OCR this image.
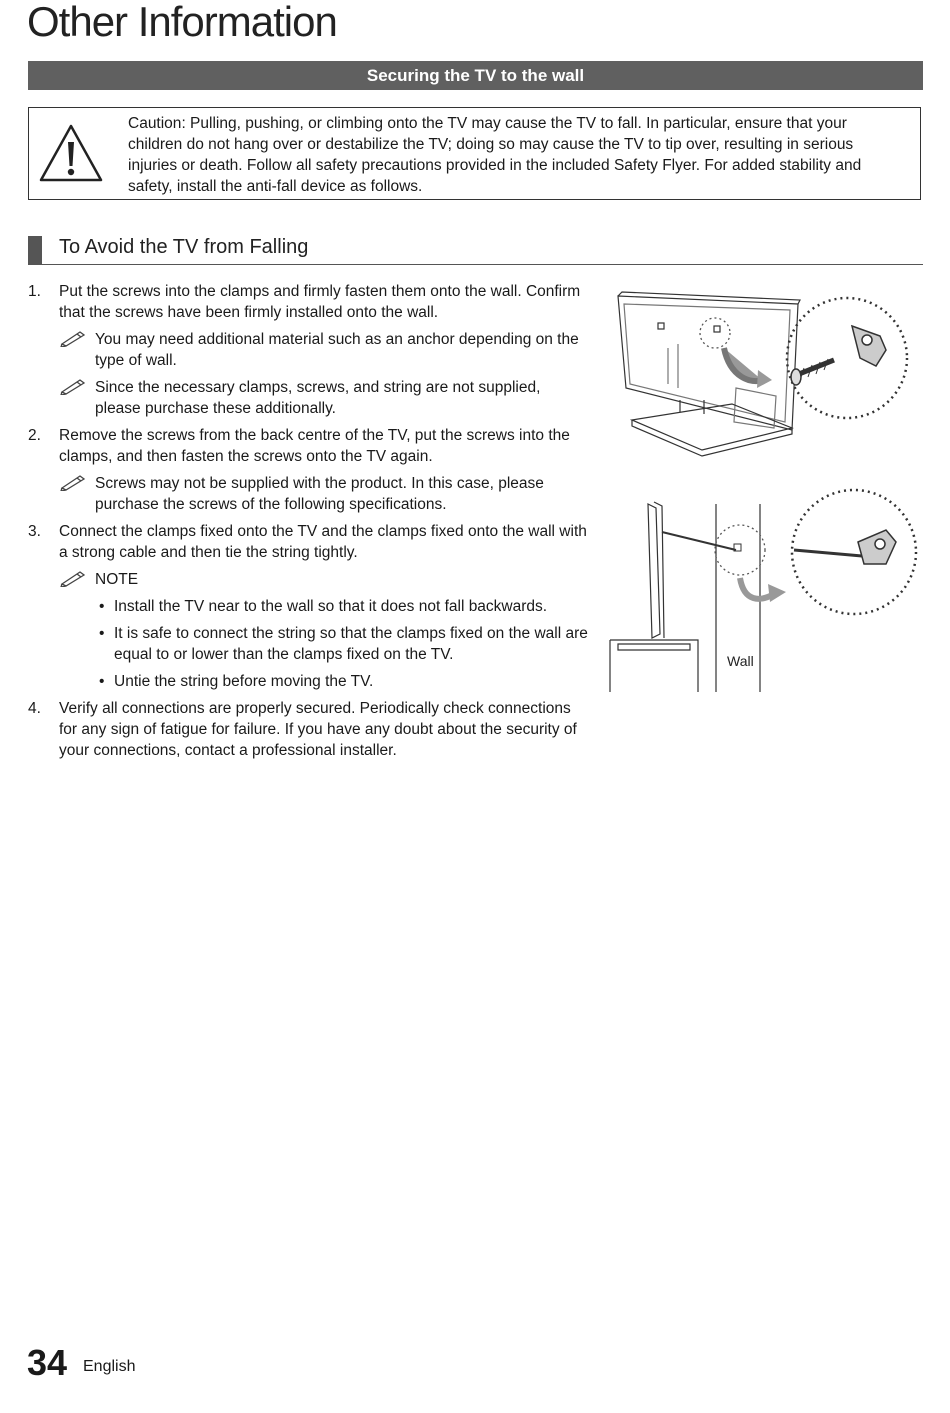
Other Information
Securing the TV to the wall
Caution: Pulling, pushing, or climbing onto the TV may cause the TV to fall. In particular, ensure that your children do not hang over or destabilize the TV; doing so may cause the TV to tip over, resulting in serious injuries or death. Follow all safety precautions provided in the included Safety Flyer. For added stability and safety, install the anti-fall device as follows.
To Avoid the TV from Falling
1. Put the screws into the clamps and firmly fasten them onto the wall. Confirm that the screws have been firmly installed onto the wall.
You may need additional material such as an anchor depending on the type of wall.
Since the necessary clamps, screws, and string are not supplied, please purchase these additionally.
2. Remove the screws from the back centre of the TV, put the screws into the clamps, and then fasten the screws onto the TV again.
Screws may not be supplied with the product. In this case, please purchase the screws of the following specifications.
3. Connect the clamps fixed onto the TV and the clamps fixed onto the wall with a strong cable and then tie the string tightly.
NOTE
• Install the TV near to the wall so that it does not fall backwards.
• It is safe to connect the string so that the clamps fixed on the wall are equal to or lower than the clamps fixed on the TV.
• Untie the string before moving the TV.
4. Verify all connections are properly secured. Periodically check connections for any sign of fatigue for failure. If you have any doubt about the security of your connections, contact a professional installer.
Wall
34 English
